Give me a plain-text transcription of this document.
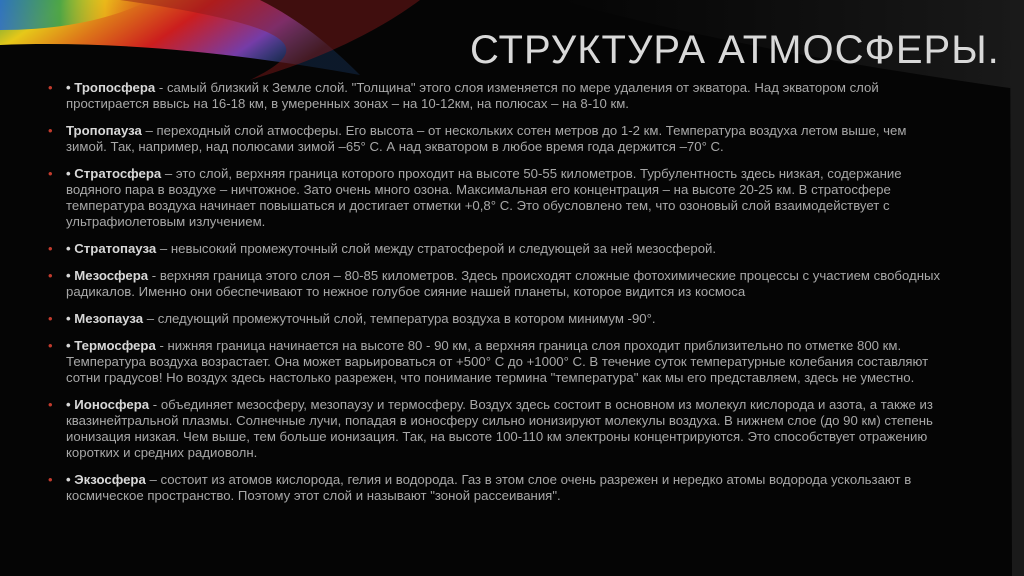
СТРУКТУРА АТМОСФЕРЫ.
• • Тропосфера - самый близкий к Земле слой. "Толщина" этого слоя изменяется по мере удаления от экватора. Над экватором слой простирается ввысь на 16-18 км, в умеренных зонах – на 10-12км, на полюсах – на 8-10 км.
• Тропопауза – переходный слой атмосферы. Его высота – от нескольких сотен метров до 1-2 км. Температура воздуха летом выше, чем зимой. Так, например, над полюсами зимой –65° С. А над экватором в любое время года держится –70° С.
• • Стратосфера – это слой, верхняя граница которого проходит на высоте 50-55 километров. Турбулентность здесь низкая, содержание водяного пара в воздухе – ничтожное. Зато очень много озона. Максимальная его концентрация – на высоте 20-25 км. В стратосфере температура воздуха начинает повышаться и достигает отметки +0,8° С. Это обусловлено тем, что озоновый слой взаимодействует с ультрафиолетовым излучением.
• • Стратопауза – невысокий промежуточный слой между стратосферой и следующей за ней мезосферой.
• • Мезосфера - верхняя граница этого слоя – 80-85 километров. Здесь происходят сложные фотохимические процессы с участием свободных радикалов. Именно они обеспечивают то нежное голубое сияние нашей планеты, которое видится из космоса
• • Мезопауза – следующий промежуточный слой, температура воздуха в котором минимум -90°.
• • Термосфера - нижняя граница начинается на высоте 80 - 90 км, а верхняя граница слоя проходит приблизительно по отметке 800 км. Температура воздуха возрастает. Она может варьироваться от +500° С до +1000° С. В течение суток температурные колебания составляют сотни градусов! Но воздух здесь настолько разрежен, что понимание термина "температура" как мы его представляем, здесь не уместно.
• • Ионосфера - объединяет мезосферу, мезопаузу и термосферу. Воздух здесь состоит в основном из молекул кислорода и азота, а также из квазинейтральной плазмы. Солнечные лучи, попадая в ионосферу сильно ионизируют молекулы воздуха. В нижнем слое (до 90 км) степень ионизация низкая. Чем выше, тем больше ионизация. Так, на высоте 100-110 км электроны концентрируются. Это способствует отражению коротких и средних радиоволн.
• • Экзосфера – состоит из атомов кислорода, гелия и водорода. Газ в этом слое очень разрежен и нередко атомы водорода ускользают в космическое пространство. Поэтому этот слой и называют "зоной рассеивания".
